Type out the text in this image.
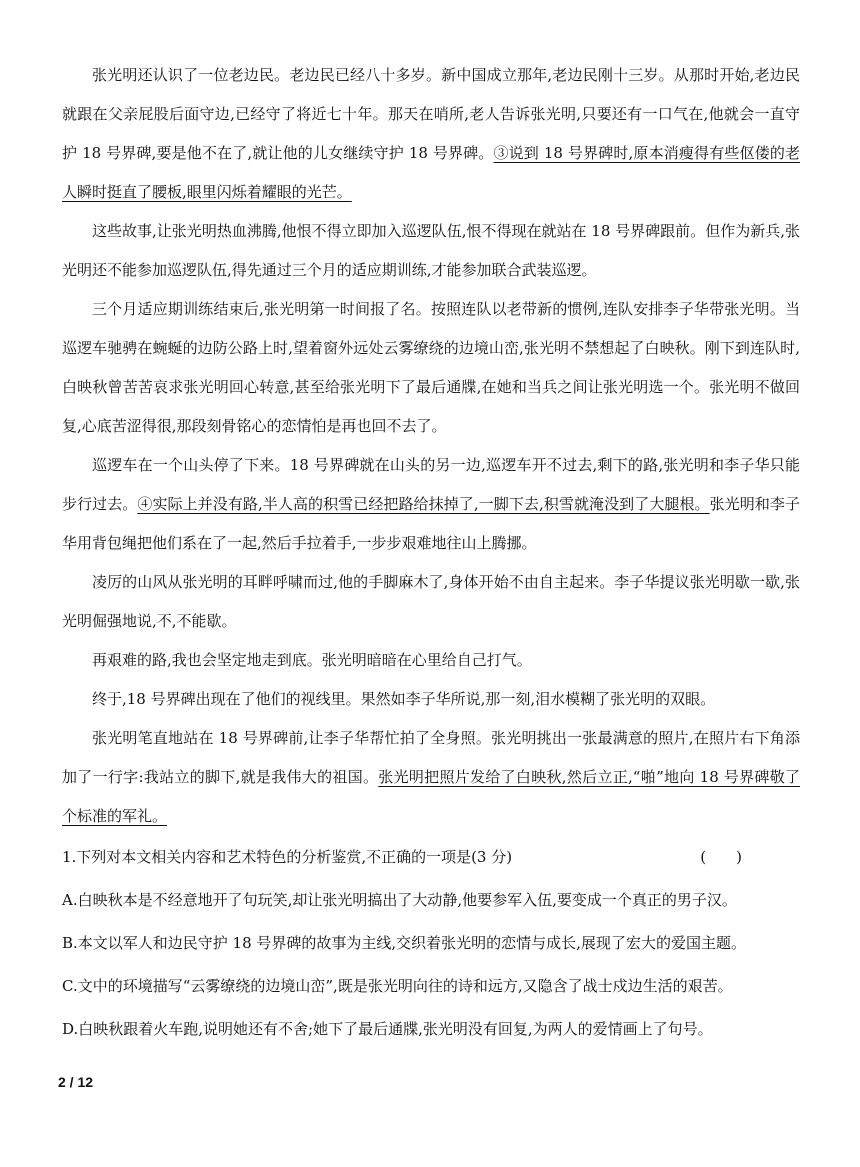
张光明还认识了一位老边民。老边民已经八十多岁。新中国成立那年,老边民刚十三岁。从那时开始,老边民就跟在父亲屁股后面守边,已经守了将近七十年。那天在哨所,老人告诉张光明,只要还有一口气在,他就会一直守护 18 号界碑,要是他不在了,就让他的儿女继续守护 18 号界碑。③说到 18 号界碑时,原本消瘦得有些伛偻的老人瞬时挺直了腰板,眼里闪烁着耀眼的光芒。

这些故事,让张光明热血沸腾,他恨不得立即加入巡逻队伍,恨不得现在就站在 18 号界碑跟前。但作为新兵,张光明还不能参加巡逻队伍,得先通过三个月的适应期训练,才能参加联合武装巡逻。

三个月适应期训练结束后,张光明第一时间报了名。按照连队以老带新的惯例,连队安排李子华带张光明。当巡逻车驰骋在蜿蜒的边防公路上时,望着窗外远处云雾缭绕的边境山峦,张光明不禁想起了白映秋。刚下到连队时,白映秋曾苦苦哀求张光明回心转意,甚至给张光明下了最后通牒,在她和当兵之间让张光明选一个。张光明不做回复,心底苦涩得很,那段刻骨铭心的恋情怕是再也回不去了。

巡逻车在一个山头停了下来。18 号界碑就在山头的另一边,巡逻车开不过去,剩下的路,张光明和李子华只能步行过去。④实际上并没有路,半人高的积雪已经把路给抹掉了,一脚下去,积雪就淹没到了大腿根。张光明和李子华用背包绳把他们系在了一起,然后手拉着手,一步步艰难地往山上腾挪。

凌厉的山风从张光明的耳畔呼啸而过,他的手脚麻木了,身体开始不由自主起来。李子华提议张光明歇一歇,张光明倔强地说,不,不能歇。

再艰难的路,我也会坚定地走到底。张光明暗暗在心里给自己打气。

终于,18 号界碑出现在了他们的视线里。果然如李子华所说,那一刻,泪水模糊了张光明的双眼。

张光明笔直地站在 18 号界碑前,让李子华帮忙拍了全身照。张光明挑出一张最满意的照片,在照片右下角添加了一行字:我站立的脚下,就是我伟大的祖国。张光明把照片发给了白映秋,然后立正,“啪”地向 18 号界碑敬了个标准的军礼。

1.下列对本文相关内容和艺术特色的分析鉴赏,不正确的一项是(3 分)	(　　)
A.白映秋本是不经意地开了句玩笑,却让张光明搞出了大动静,他要参军入伍,要变成一个真正的男子汉。
B.本文以军人和边民守护 18 号界碑的故事为主线,交织着张光明的恋情与成长,展现了宏大的爱国主题。
C.文中的环境描写“云雾缭绕的边境山峦”,既是张光明向往的诗和远方,又隐含了战士戍边生活的艰苦。
D.白映秋跟着火车跑,说明她还有不舍;她下了最后通牒,张光明没有回复,为两人的爱情画上了句号。
2 / 12
